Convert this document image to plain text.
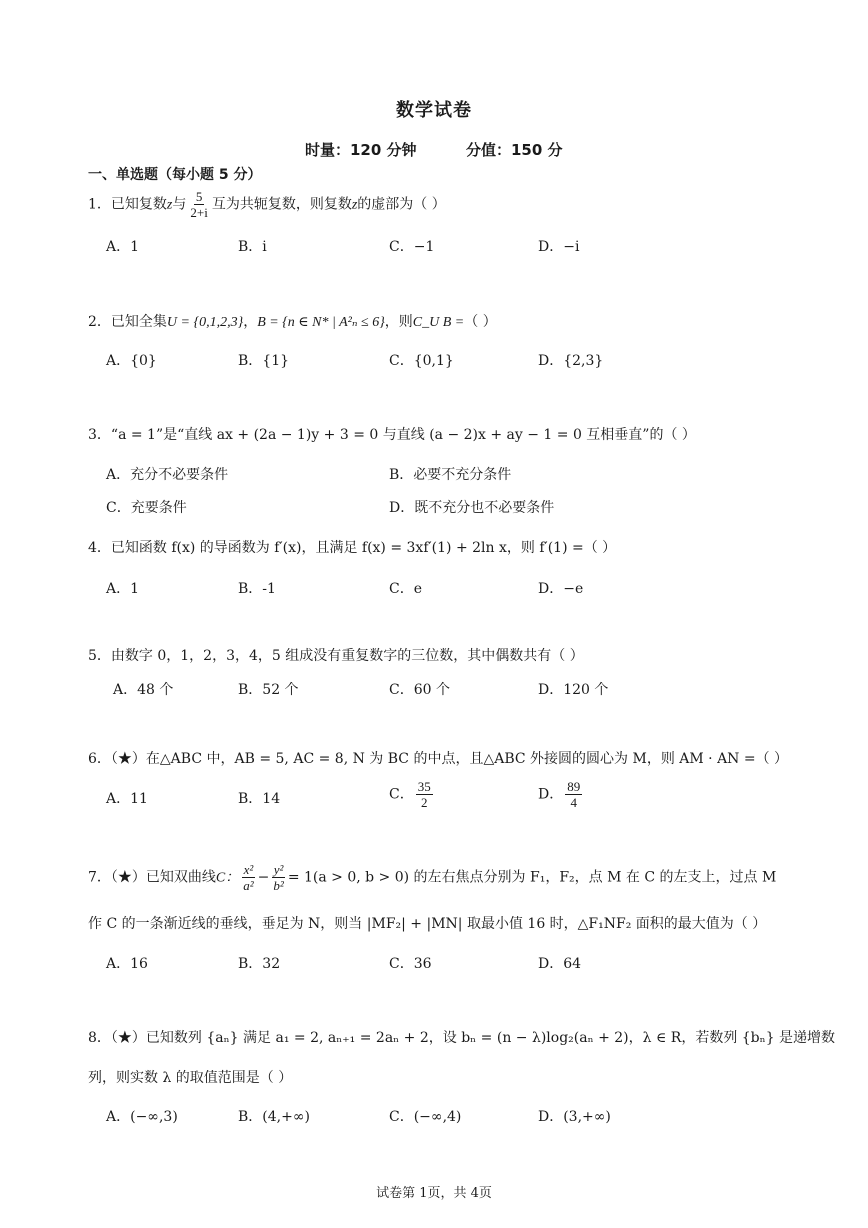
数学试卷
时量：120 分钟	分值：150 分
一、单选题（每小题 5 分）
1．已知复数z与 $\frac{5}{2+i}$ 互为共轭复数，则复数z的虚部为（ ）
A．1	B．i	C．−1	D．−i
2．已知全集U = {0,1,2,3}，B = {n ∈ N* | A²ₙ ≤ 6}，则C_U B =（ ）
A．{0}	B．{1}	C．{0,1}	D．{2,3}
3．“a = 1”是“直线 ax + (2a − 1)y + 3 = 0 与直线 (a − 2)x + ay − 1 = 0 互相垂直”的（ ）
A．充分不必要条件	B．必要不充分条件
C．充要条件	D．既不充分也不必要条件
4．已知函数 f(x) 的导函数为 f′(x)，且满足 f(x) = 3xf′(1) + 2ln x，则 f′(1) =（ ）
A．1	B．-1	C．e	D．−e
5．由数字 0，1，2，3，4，5 组成没有重复数字的三位数，其中偶数共有（ ）
A．48 个	B．52 个	C．60 个	D．120 个
6．（★）在△ABC 中，AB = 5, AC = 8, N 为 BC 的中点，且△ABC 外接圆的圆心为 M，则 AM · AN =（ ）
A．11	B．14	C． $\frac{35}{2}$	D． $\frac{89}{4}$
7．（★）已知双曲线C： $\frac{\text{x²}}{\text{a²}} - \frac{\text{y²}}{\text{b²}} = 1(a > 0$, b > 0) 的左右焦点分别为 F₁，F₂，点 M 在 C 的左支上，过点 M
作 C 的一条渐近线的垂线，垂足为 N，则当 |MF₂| + |MN| 取最小值 16 时，△F₁NF₂ 面积的最大值为（ ）
A．16	B．32	C．36	D．64
8．（★）已知数列 {aₙ} 满足 a₁ = 2, aₙ₊₁ = 2aₙ + 2，设 bₙ = (n − λ)log₂(aₙ + 2)，λ ∈ R，若数列 {bₙ} 是递增数
列，则实数 λ 的取值范围是（ ）
A．(−∞,3)	B．(4,+∞)	C．(−∞,4)	D．(3,+∞)
试卷第 1页，共 4页
